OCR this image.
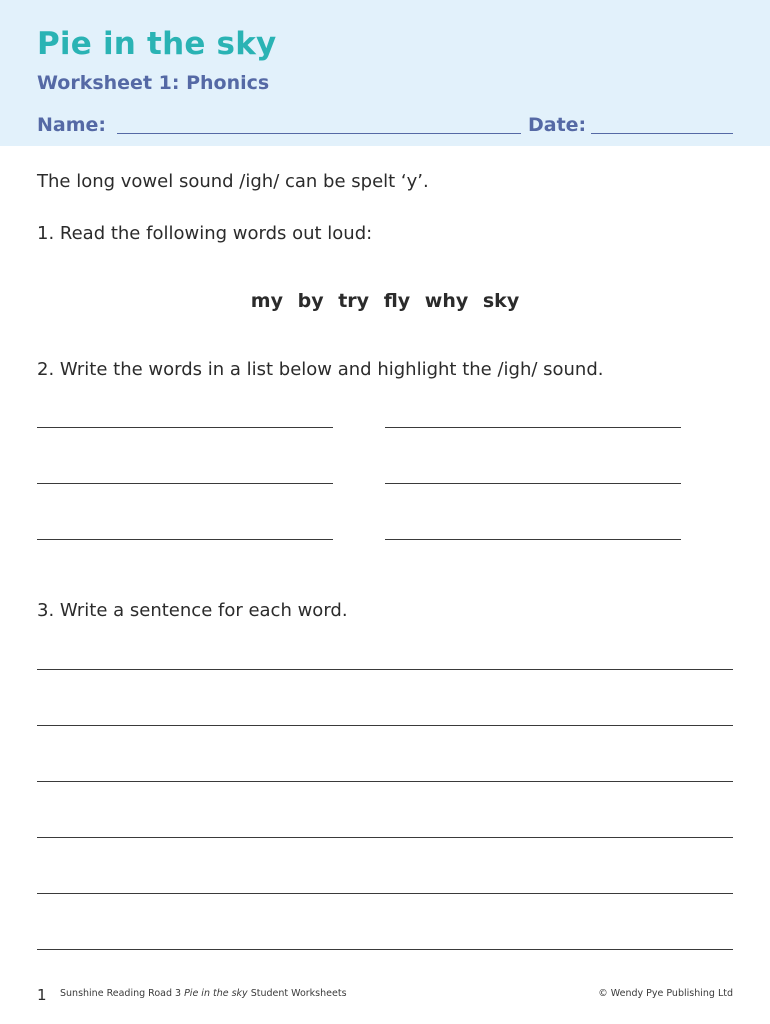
Pie in the sky
Worksheet 1: Phonics
Name:	Date:

The long vowel sound /igh/ can be spelt ‘y’.

1. Read the following words out loud:

my by try fly why sky

2. Write the words in a list below and highlight the /igh/ sound.

3. Write a sentence for each word.

1 Sunshine Reading Road 3 Pie in the sky Student Worksheets	© Wendy Pye Publishing Ltd
